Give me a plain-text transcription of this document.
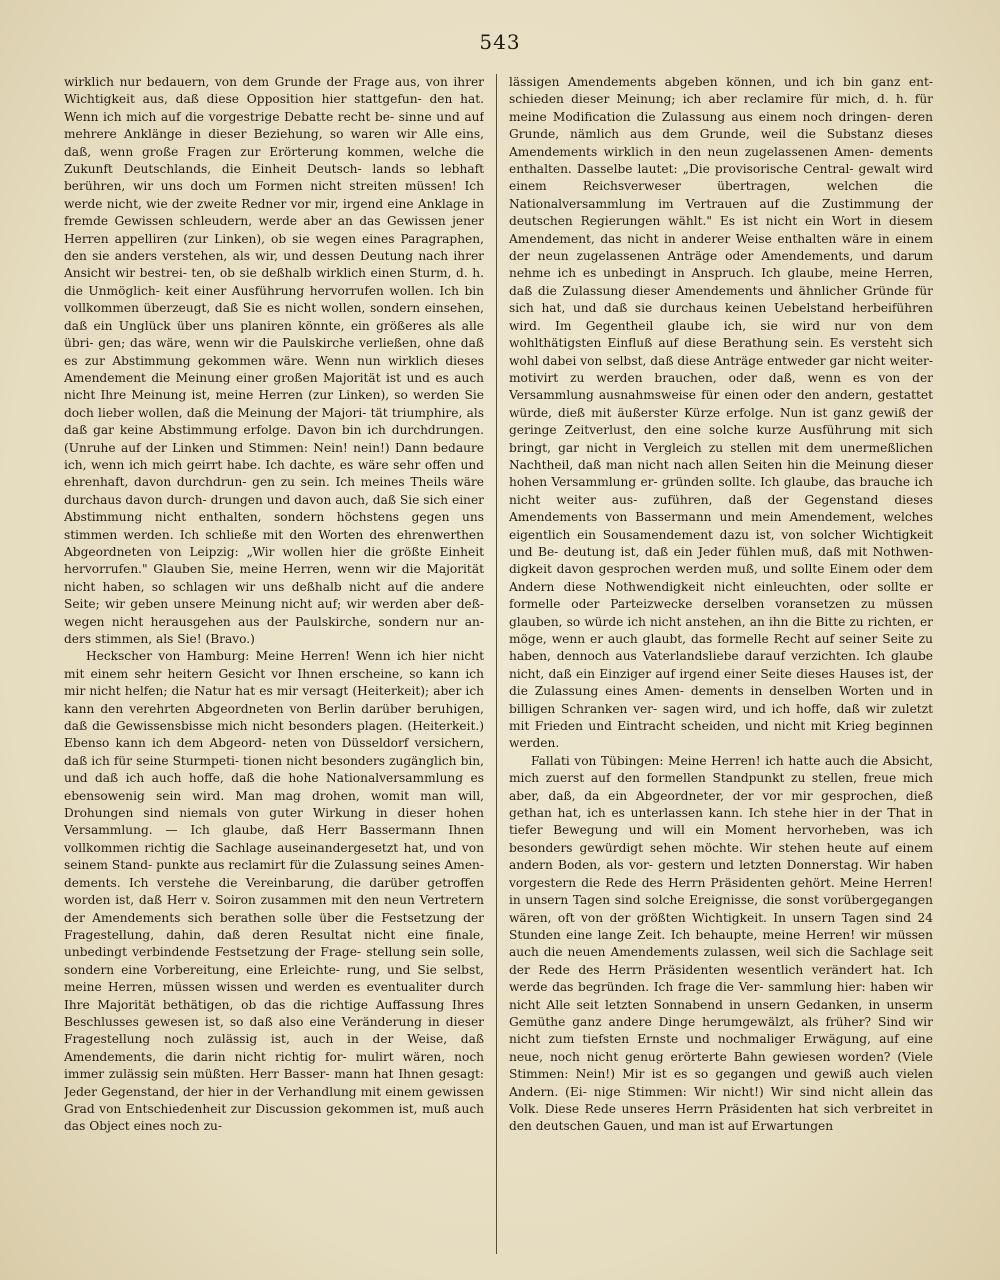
543

wirklich nur bedauern, von dem Grunde der Frage aus, von ihrer Wichtigkeit aus, daß diese Opposition hier stattgefun- den hat. Wenn ich mich auf die vorgestrige Debatte recht be- sinne und auf mehrere Anklänge in dieser Beziehung, so waren wir Alle eins, daß, wenn große Fragen zur Erörterung kommen, welche die Zukunft Deutschlands, die Einheit Deutsch- lands so lebhaft berühren, wir uns doch um Formen nicht streiten müssen! Ich werde nicht, wie der zweite Redner vor mir, irgend eine Anklage in fremde Gewissen schleudern, werde aber an das Gewissen jener Herren appelliren (zur Linken), ob sie wegen eines Paragraphen, den sie anders verstehen, als wir, und dessen Deutung nach ihrer Ansicht wir bestrei- ten, ob sie deßhalb wirklich einen Sturm, d. h. die Unmöglich- keit einer Ausführung hervorrufen wollen. Ich bin vollkommen überzeugt, daß Sie es nicht wollen, sondern einsehen, daß ein Unglück über uns planiren könnte, ein größeres als alle übri- gen; das wäre, wenn wir die Paulskirche verließen, ohne daß es zur Abstimmung gekommen wäre. Wenn nun wirklich dieses Amendement die Meinung einer großen Majorität ist und es auch nicht Ihre Meinung ist, meine Herren (zur Linken), so werden Sie doch lieber wollen, daß die Meinung der Majori- tät triumphire, als daß gar keine Abstimmung erfolge. Davon bin ich durchdrungen. (Unruhe auf der Linken und Stimmen: Nein! nein!) Dann bedaure ich, wenn ich mich geirrt habe. Ich dachte, es wäre sehr offen und ehrenhaft, davon durchdrun- gen zu sein. Ich meines Theils wäre durchaus davon durch- drungen und davon auch, daß Sie sich einer Abstimmung nicht enthalten, sondern höchstens gegen uns stimmen werden. Ich schließe mit den Worten des ehrenwerthen Abgeordneten von Leipzig: „Wir wollen hier die größte Einheit hervorrufen." Glauben Sie, meine Herren, wenn wir die Majorität nicht haben, so schlagen wir uns deßhalb nicht auf die andere Seite; wir geben unsere Meinung nicht auf; wir werden aber deß- wegen nicht herausgehen aus der Paulskirche, sondern nur an- ders stimmen, als Sie! (Bravo.)

Heckscher von Hamburg: Meine Herren! Wenn ich hier nicht mit einem sehr heitern Gesicht vor Ihnen erscheine, so kann ich mir nicht helfen; die Natur hat es mir versagt (Heiterkeit); aber ich kann den verehrten Abgeordneten von Berlin darüber beruhigen, daß die Gewissensbisse mich nicht besonders plagen. (Heiterkeit.) Ebenso kann ich dem Abgeord- neten von Düsseldorf versichern, daß ich für seine Sturmpeti- tionen nicht besonders zugänglich bin, und daß ich auch hoffe, daß die hohe Nationalversammlung es ebensowenig sein wird. Man mag drohen, womit man will, Drohungen sind niemals von guter Wirkung in dieser hohen Versammlung. — Ich glaube, daß Herr Bassermann Ihnen vollkommen richtig die Sachlage auseinandergesetzt hat, und von seinem Stand- punkte aus reclamirt für die Zulassung seines Amen- dements. Ich verstehe die Vereinbarung, die darüber getroffen worden ist, daß Herr v. Soiron zusammen mit den neun Vertretern der Amendements sich berathen solle über die Festsetzung der Fragestellung, dahin, daß deren Resultat nicht eine finale, unbedingt verbindende Festsetzung der Frage- stellung sein solle, sondern eine Vorbereitung, eine Erleichte- rung, und Sie selbst, meine Herren, müssen wissen und werden es eventualiter durch Ihre Majorität bethätigen, ob das die richtige Auffassung Ihres Beschlusses gewesen ist, so daß also eine Veränderung in dieser Fragestellung noch zulässig ist, auch in der Weise, daß Amendements, die darin nicht richtig for- mulirt wären, noch immer zulässig sein müßten. Herr Basser- mann hat Ihnen gesagt: Jeder Gegenstand, der hier in der Verhandlung mit einem gewissen Grad von Entschiedenheit zur Discussion gekommen ist, muß auch das Object eines noch zu-

lässigen Amendements abgeben können, und ich bin ganz ent- schieden dieser Meinung; ich aber reclamire für mich, d. h. für meine Modification die Zulassung aus einem noch dringen- deren Grunde, nämlich aus dem Grunde, weil die Substanz dieses Amendements wirklich in den neun zugelassenen Amen- dements enthalten. Dasselbe lautet: „Die provisorische Central- gewalt wird einem Reichsverweser übertragen, welchen die Nationalversammlung im Vertrauen auf die Zustimmung der deutschen Regierungen wählt." Es ist nicht ein Wort in diesem Amendement, das nicht in anderer Weise enthalten wäre in einem der neun zugelassenen Anträge oder Amendements, und darum nehme ich es unbedingt in Anspruch. Ich glaube, meine Herren, daß die Zulassung dieser Amendements und ähnlicher Gründe für sich hat, und daß sie durchaus keinen Uebelstand herbeiführen wird. Im Gegentheil glaube ich, sie wird nur von dem wohlthätigsten Einfluß auf diese Berathung sein. Es versteht sich wohl dabei von selbst, daß diese Anträge entweder gar nicht weiter-motivirt zu werden brauchen, oder daß, wenn es von der Versammlung ausnahmsweise für einen oder den andern, gestattet würde, dieß mit äußerster Kürze erfolge. Nun ist ganz gewiß der geringe Zeitverlust, den eine solche kurze Ausführung mit sich bringt, gar nicht in Vergleich zu stellen mit dem unermeßlichen Nachtheil, daß man nicht nach allen Seiten hin die Meinung dieser hohen Versammlung er- gründen sollte. Ich glaube, das brauche ich nicht weiter aus- zuführen, daß der Gegenstand dieses Amendements von Bassermann und mein Amendement, welches eigentlich ein Sousamendement dazu ist, von solcher Wichtigkeit und Be- deutung ist, daß ein Jeder fühlen muß, daß mit Nothwen- digkeit davon gesprochen werden muß, und sollte Einem oder dem Andern diese Nothwendigkeit nicht einleuchten, oder sollte er formelle oder Parteizwecke derselben voransetzen zu müssen glauben, so würde ich nicht anstehen, an ihn die Bitte zu richten, er möge, wenn er auch glaubt, das formelle Recht auf seiner Seite zu haben, dennoch aus Vaterlandsliebe darauf verzichten. Ich glaube nicht, daß ein Einziger auf irgend einer Seite dieses Hauses ist, der die Zulassung eines Amen- dements in denselben Worten und in billigen Schranken ver- sagen wird, und ich hoffe, daß wir zuletzt mit Frieden und Eintracht scheiden, und nicht mit Krieg beginnen werden.

Fallati von Tübingen: Meine Herren! ich hatte auch die Absicht, mich zuerst auf den formellen Standpunkt zu stellen, freue mich aber, daß, da ein Abgeordneter, der vor mir gesprochen, dieß gethan hat, ich es unterlassen kann. Ich stehe hier in der That in tiefer Bewegung und will ein Moment hervorheben, was ich besonders gewürdigt sehen möchte. Wir stehen heute auf einem andern Boden, als vor- gestern und letzten Donnerstag. Wir haben vorgestern die Rede des Herrn Präsidenten gehört. Meine Herren! in unsern Tagen sind solche Ereignisse, die sonst vorübergegangen wären, oft von der größten Wichtigkeit. In unsern Tagen sind 24 Stunden eine lange Zeit. Ich behaupte, meine Herren! wir müssen auch die neuen Amendements zulassen, weil sich die Sachlage seit der Rede des Herrn Präsidenten wesentlich verändert hat. Ich werde das begründen. Ich frage die Ver- sammlung hier: haben wir nicht Alle seit letzten Sonnabend in unsern Gedanken, in unserm Gemüthe ganz andere Dinge herumgewälzt, als früher? Sind wir nicht zum tiefsten Ernste und nochmaliger Erwägung, auf eine neue, noch nicht genug erörterte Bahn gewiesen worden? (Viele Stimmen: Nein!) Mir ist es so gegangen und gewiß auch vielen Andern. (Ei- nige Stimmen: Wir nicht!) Wir sind nicht allein das Volk. Diese Rede unseres Herrn Präsidenten hat sich verbreitet in den deutschen Gauen, und man ist auf Erwartungen
